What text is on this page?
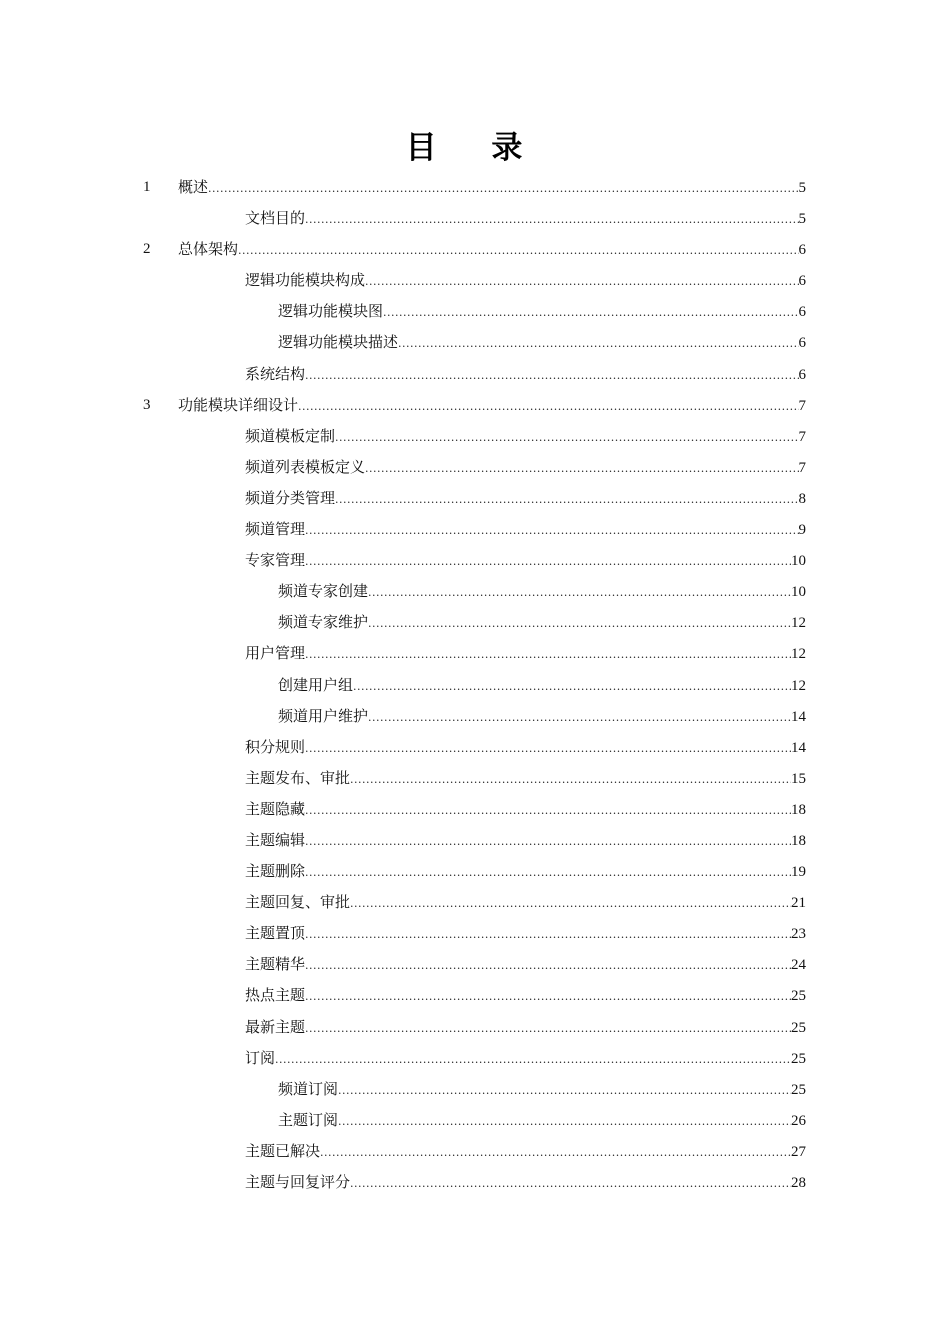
目 录
1	概述 .....	5
文档目的 .....	5
2	总体架构 .....	6
逻辑功能模块构成 .....	6
逻辑功能模块图 .....	6
逻辑功能模块描述 .....	6
系统结构 .....	6
3	功能模块详细设计 .....	7
频道模板定制 .....	7
频道列表模板定义 .....	7
频道分类管理 .....	8
频道管理 .....	9
专家管理 .....	10
频道专家创建 .....	10
频道专家维护 .....	12
用户管理 .....	12
创建用户组 .....	12
频道用户维护 .....	14
积分规则 .....	14
主题发布、审批 .....	15
主题隐藏 .....	18
主题编辑 .....	18
主题删除 .....	19
主题回复、审批 .....	21
主题置顶 .....	23
主题精华 .....	24
热点主题 .....	25
最新主题 .....	25
订阅 .....	25
频道订阅 .....	25
主题订阅 .....	26
主题已解决 .....	27
主题与回复评分 .....	28
